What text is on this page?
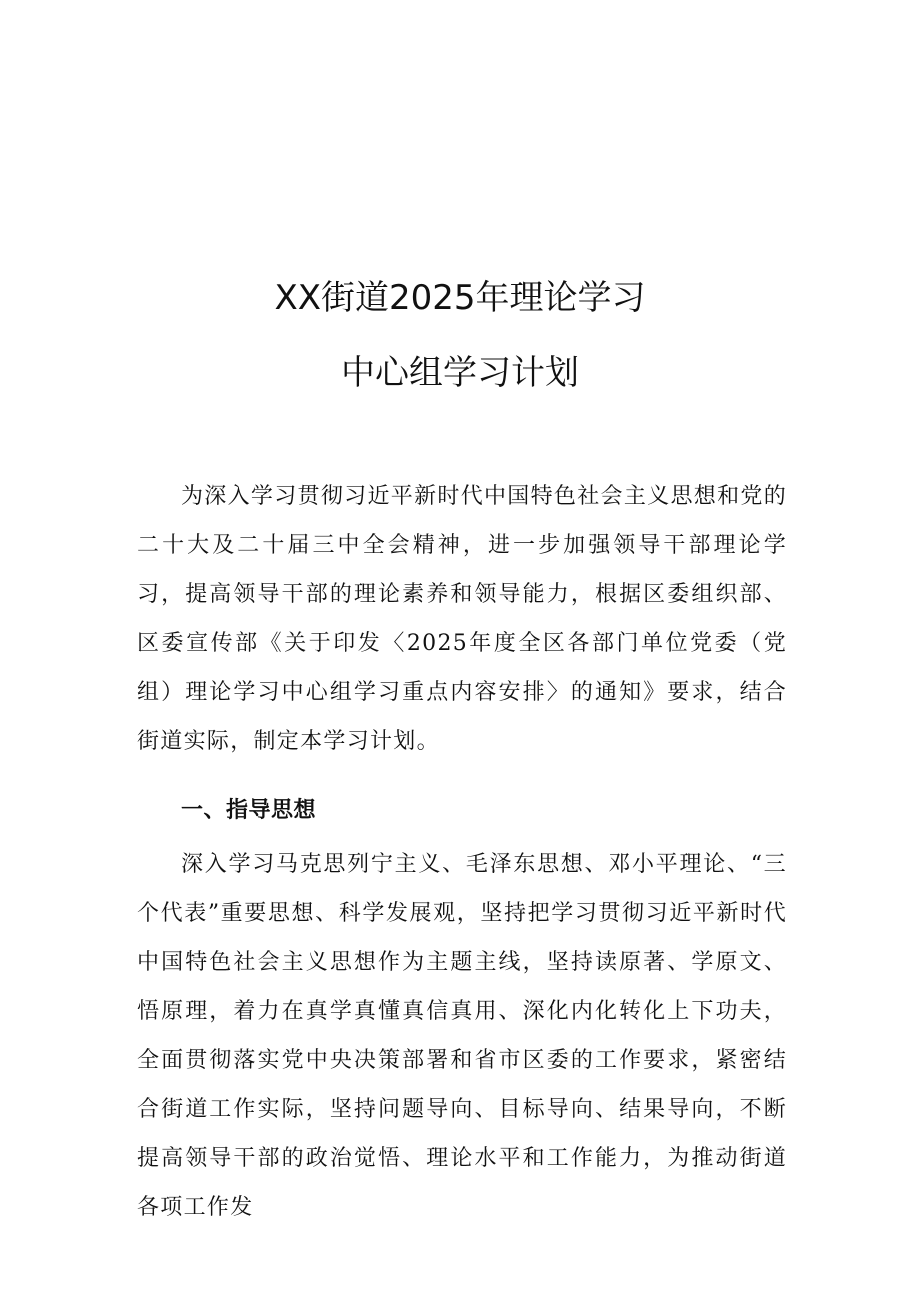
XX街道2025年理论学习
中心组学习计划

为深入学习贯彻习近平新时代中国特色社会主义思想和党的二十大及二十届三中全会精神，进一步加强领导干部理论学习，提高领导干部的理论素养和领导能力，根据区委组织部、区委宣传部《关于印发〈2025年度全区各部门单位党委（党组）理论学习中心组学习重点内容安排〉的通知》要求，结合街道实际，制定本学习计划。

一、指导思想

深入学习马克思列宁主义、毛泽东思想、邓小平理论、“三个代表”重要思想、科学发展观，坚持把学习贯彻习近平新时代中国特色社会主义思想作为主题主线，坚持读原著、学原文、悟原理，着力在真学真懂真信真用、深化内化转化上下功夫，全面贯彻落实党中央决策部署和省市区委的工作要求，紧密结合街道工作实际，坚持问题导向、目标导向、结果导向，不断提高领导干部的政治觉悟、理论水平和工作能力，为推动街道各项工作发
